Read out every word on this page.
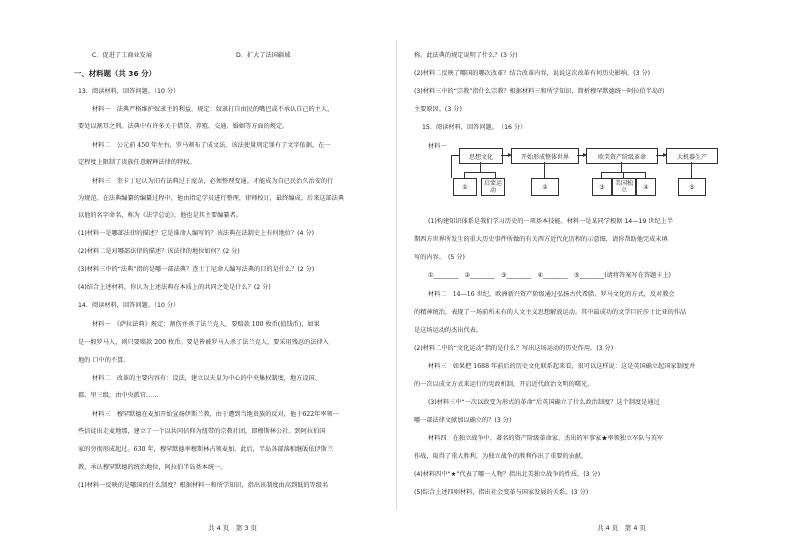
C．促进了工商业发展	D．扩大了法国疆域
一、材料题（共 36 分）
13．阅读材料，回答问题。（10 分）
材料一　法典严格维护奴隶主的利益，规定：奴隶打自由民的嘴巴或不承认自己的主人，
要处以割耳之刑。法典中有许多关于借贷、养殖、交通、婚姻等方面的规定。
材料二　公元前 450 年左右，罗马颁布了成文法。该法使量刑定罪有了文字依据，在一
定程度上限制了贵族任意解释法律的特权。
材料三　奎卡丁尼认为旧有法典过于庞杂，必须整理变通。才能成为自已民治久治安的行
为规范。在法典编纂的编纂过程中，他由指定学员进行整理，律师校订，最终编成。后来这部法典
以他的名字命名，称为《法学总论》，他也是其主要编纂者。
(1)材料一是哪部法律的描述？它是谁命人编写的？该法典在法制史上有何地位？(4 分)
(2)材料二是对哪部法律的描述？该法律的地位如何？(2 分)
(3)材料三中的“法典”指的是哪一部法典？查士丁尼命人编写法典的目的是什么？(2 分)
(4)结合上述材料，你认为上述法典在本质上的共同之处是什么？(2 分)
14．阅读材料，回答问题。（10 分）
材料一　《萨拉法典》规定：割伤并杀了法兰克人，要赔款 100 枚币(值钱币)，如果
是一般罗马人，则只要赔款 200 枚币。要是皆被罗马人杀了法兰克人，要采用残忍的法律入
地的 口中的不算。
材料二　改革的主要内容有：设法，建立以天皇为中心的中央集权制度，地方设国、
郡、里三级，由中央派官……
材料三　穆罕默德在麦加开始宣扬伊斯兰教，由于遭到当地贵族的反对，他于622年率领一
些信徒出走麦地那，建立了一个以共同信仰为纽带的宗教社团，即穆斯林公社。到阿拉伯国
家的穷彻形成起过。630 年，穆罕默德率穆斯林占领麦加。此后，半岛各部落相继皈依伊斯兰
教，承认穆罕默德的统治地位，阿拉伯半岛基本统一。
(1)材料一反映的是哪国的什么制度？根据材料一和所学知识，指出该制度由高到低的等级名
共 4 页　第 3 页
称。此法典的规定说明了什么？(3 分)
(2)材料二反映了哪国的哪次改革？结合改革内容，说说这次改革有何历史影响。(3 分)
(3)材料三中的“宗教”指什么宗教？根据材料三和所学知识，简析穆罕默德统一阿拉伯半岛的
主要原因。(3 分)
15．阅读材料，回答问题。　（16 分）
材料一
思想文化	开始形成整体世界	欧美资产阶级革命	大机器生产
①	启蒙运动	②	③	美国独立	④	⑤
(1)构建知识体系是我们学习历史的一项基本技能。材料一是某同学根据 14—19 世纪上半
期西方世界所发生的重大历史事件所做的有关西方近代化历程的示意图，请你帮助他完成未填
写的内容。　(5 分)
①________　②________　③________　④________　⑤________(请将答案写在答题卡上)
材料二　14—16 世纪，欧洲新兴资产阶级通过弘扬古代希腊、罗马文化的方式，反对教会
的精神统治，表现了一场前所未有的人文主义思想解放运动。其中最成功的文学巨匠莎士比亚的作品
是这场运动的杰出代表。
(2)材料二中的“文化运动”指的是什么？写出这场运动的历史作用。(3 分)
材料三　如果把 1688 年前后的历史文化联系起来看，很可以这样说：这是英国确立起国家制度并
的一次以成文方式来运行的宪政机制，开启近代政治文明的曙光。
(3)材料三中“一次以政变为形式的革命”后英国确立了什么政治制度？这个制度是通过
哪一部法律文献加以确立的？(3 分)
材料四　在独立战争中，著名的资产阶级革命家、杰出的军事家★率领独立军队与英军
作战，取得了重大胜利，为独立战争的胜利作出了重要的贡献。
(4)材料四中“★”代表了哪一人物？指出北美独立战争的性质。(3 分)
(5)综合上述四则材料，指出社会变革与国家发展的关系。(3 分)
共 4 页　第 4 页
